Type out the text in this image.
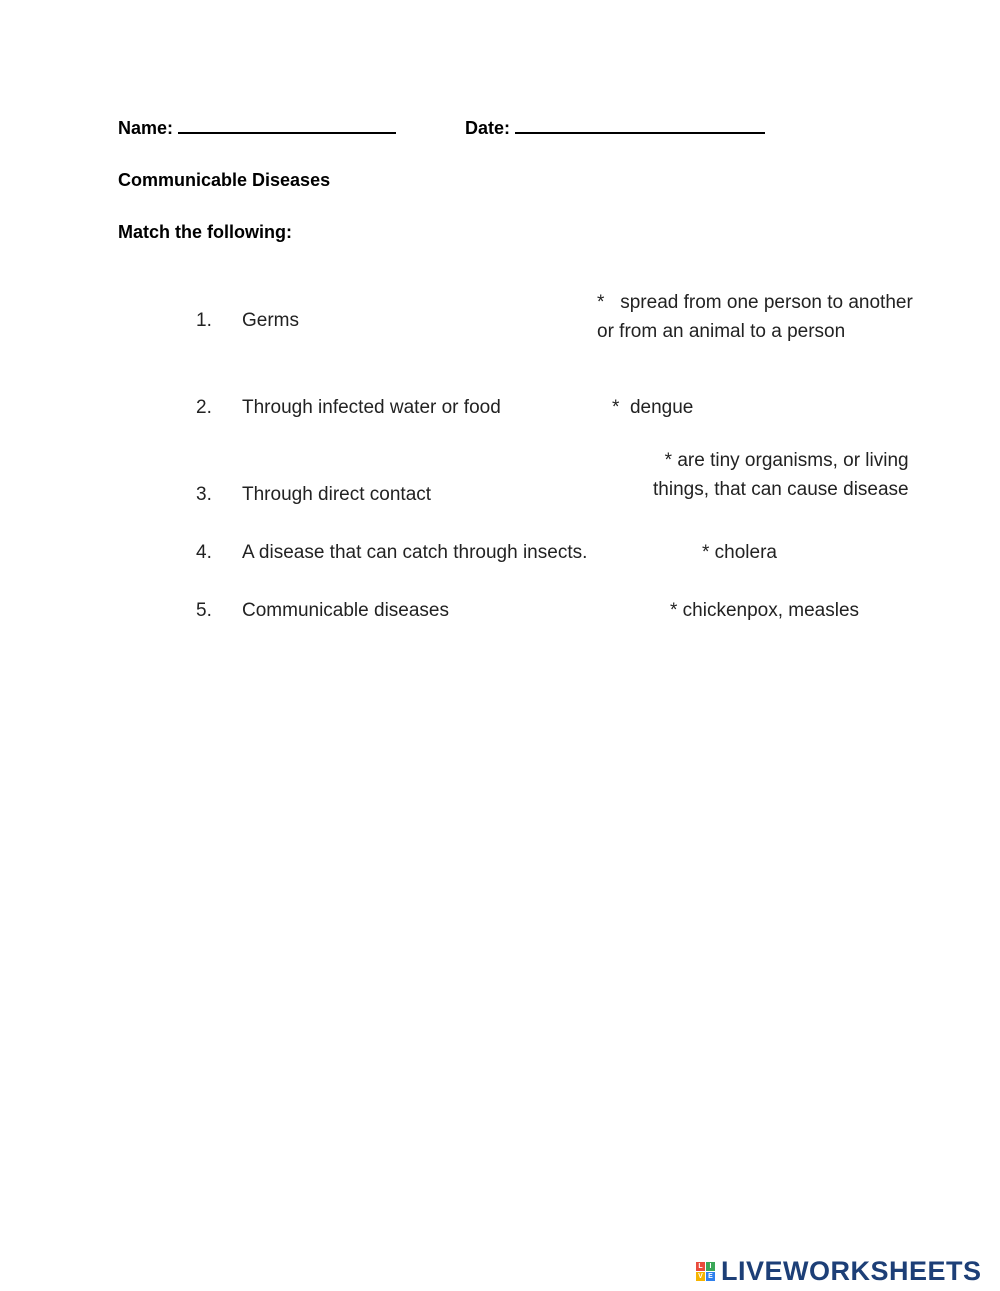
Name:	Date:
Communicable Diseases
Match the following:
1. Germs
2. Through infected water or food
3. Through direct contact
4. A disease that can catch through insects.
5. Communicable diseases
*   spread from one person to another
or from an animal to a person
*  dengue
* are tiny organisms, or living
things, that can cause disease
* cholera
* chickenpox, measles
L I
V E LIVEWORKSHEETS
